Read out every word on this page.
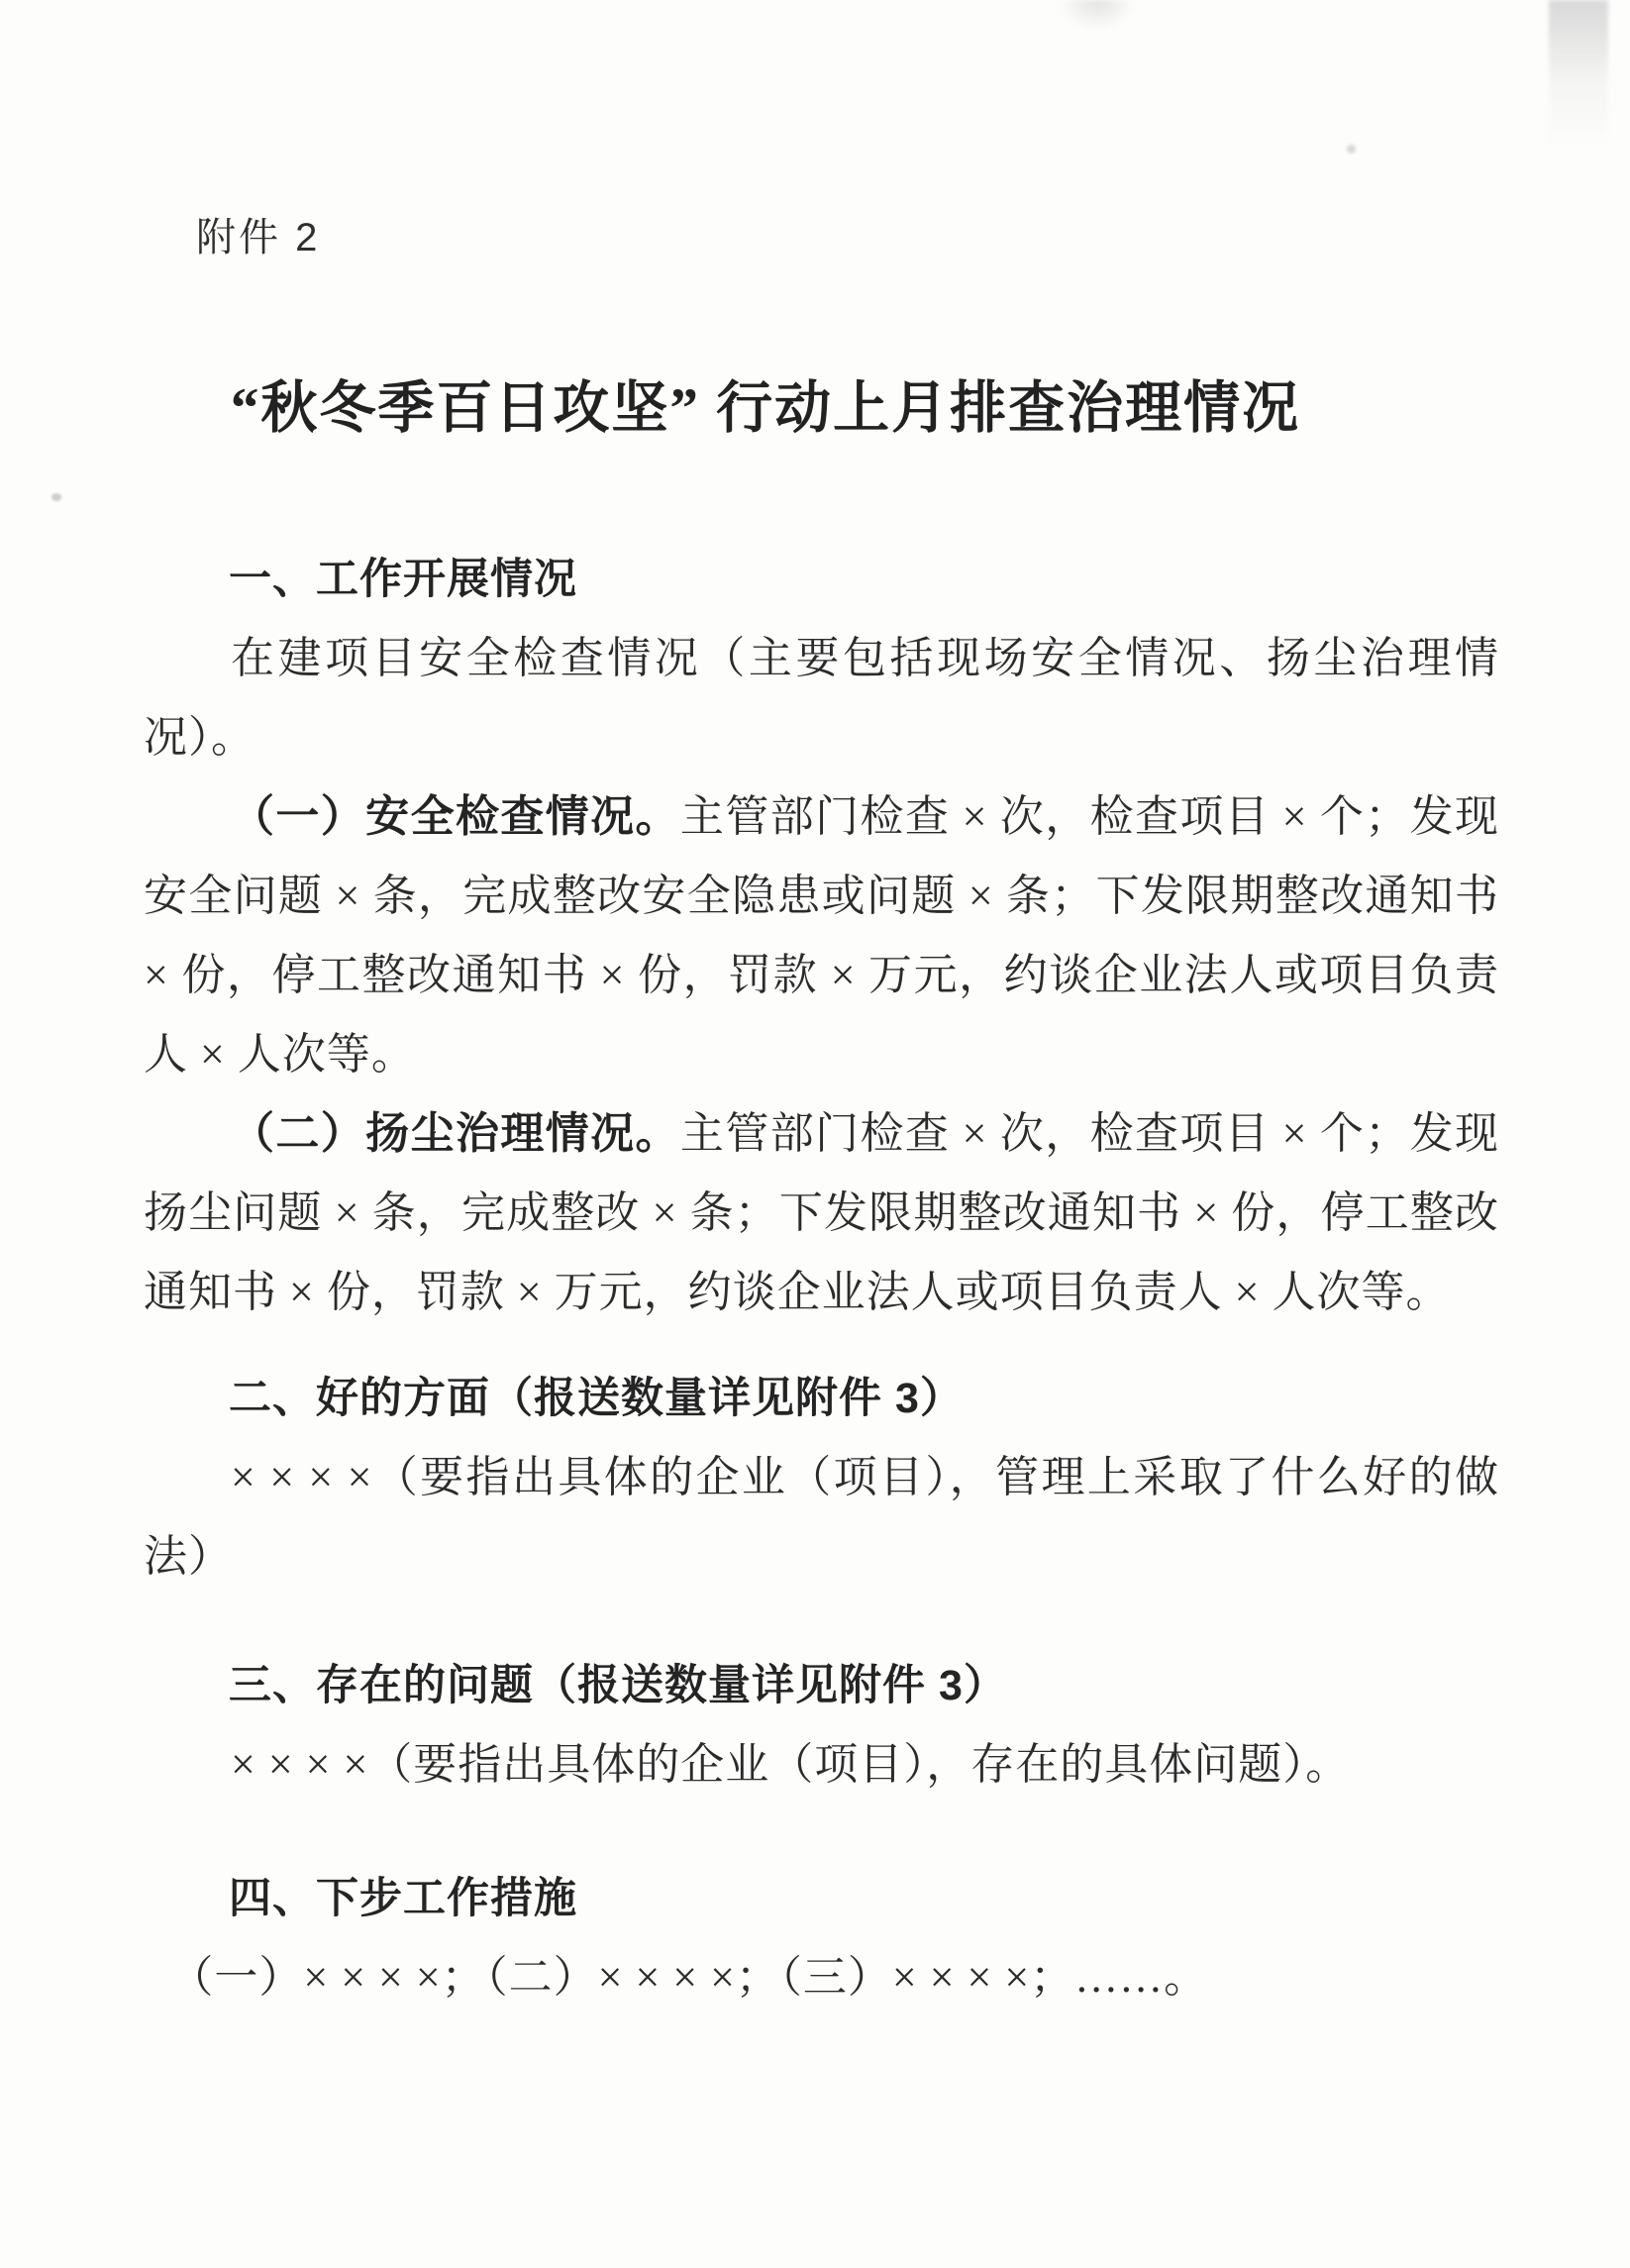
附件 2
“秋冬季百日攻坚” 行动上月排查治理情况

一、工作开展情况

在建项目安全检查情况（主要包括现场安全情况、扬尘治理情况）。

（一）安全检查情况。主管部门检查 × 次，检查项目 × 个；发现安全问题 × 条，完成整改安全隐患或问题 × 条；下发限期整改通知书 × 份，停工整改通知书 × 份，罚款 × 万元，约谈企业法人或项目负责人 × 人次等。

（二）扬尘治理情况。主管部门检查 × 次，检查项目 × 个；发现扬尘问题 × 条，完成整改 × 条；下发限期整改通知书 × 份，停工整改通知书 × 份，罚款 × 万元，约谈企业法人或项目负责人 × 人次等。

二、好的方面（报送数量详见附件 3）

× × × ×（要指出具体的企业（项目），管理上采取了什么好的做法）

三、存在的问题（报送数量详见附件 3）

× × × ×（要指出具体的企业（项目），存在的具体问题）。

四、下步工作措施

（一）× × × ×；（二）× × × ×；（三）× × × ×；……。
